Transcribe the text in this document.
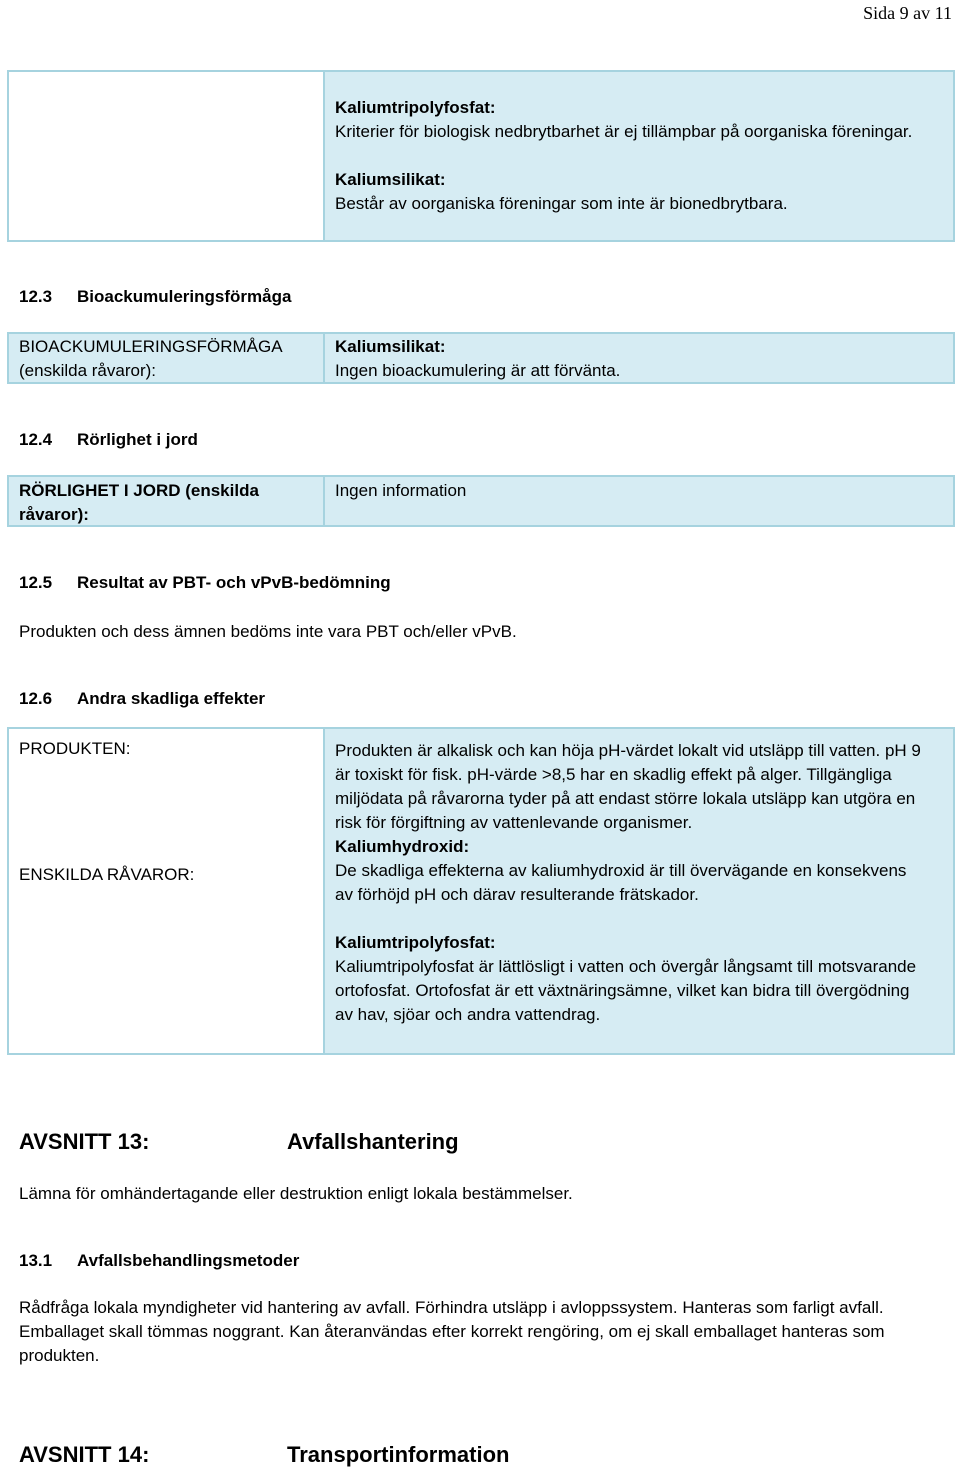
Sida 9 av 11

Kaliumtripolyfosfat:

Kriterier för biologisk nedbrytbarhet är ej tillämpbar på oorganiska föreningar.

Kaliumsilikat:

Består av oorganiska föreningar som inte är bionedbrytbara.

12.3 Bioackumuleringsförmåga
BIOACKUMULERINGSFÖRMÅGA (enskilda råvaror):

Kaliumsilikat:

Ingen bioackumulering är att förvänta.

12.4 Rörlighet i jord
RÖRLIGHET I JORD (enskilda råvaror):
Ingen information
12.5 Resultat av PBT- och vPvB-bedömning
Produkten och dess ämnen bedöms inte vara PBT och/eller vPvB.
12.6 Andra skadliga effekter
PRODUKTEN:
ENSKILDA RÅVAROR:

Produkten är alkalisk och kan höja pH-värdet lokalt vid utsläpp till vatten. pH 9 är toxiskt för fisk. pH-värde >8,5 har en skadlig effekt på alger. Tillgängliga miljödata på råvarorna tyder på att endast större lokala utsläpp kan utgöra en risk för förgiftning av vattenlevande organismer.

Kaliumhydroxid:

De skadliga effekterna av kaliumhydroxid är till övervägande en konsekvens av förhöjd pH och därav resulterande frätskador.

Kaliumtripolyfosfat:

Kaliumtripolyfosfat är lättlösligt i vatten och övergår långsamt till motsvarande ortofosfat. Ortofosfat är ett växtnäringsämne, vilket kan bidra till övergödning av hav, sjöar och andra vattendrag.

AVSNITT 13:	Avfallshantering
Lämna för omhändertagande eller destruktion enligt lokala bestämmelser.
13.1 Avfallsbehandlingsmetoder
Rådfråga lokala myndigheter vid hantering av avfall. Förhindra utsläpp i avloppssystem. Hanteras som farligt avfall. Emballaget skall tömmas noggrant. Kan återanvändas efter korrekt rengöring, om ej skall emballaget hanteras som produkten.
AVSNITT 14:	Transportinformation
